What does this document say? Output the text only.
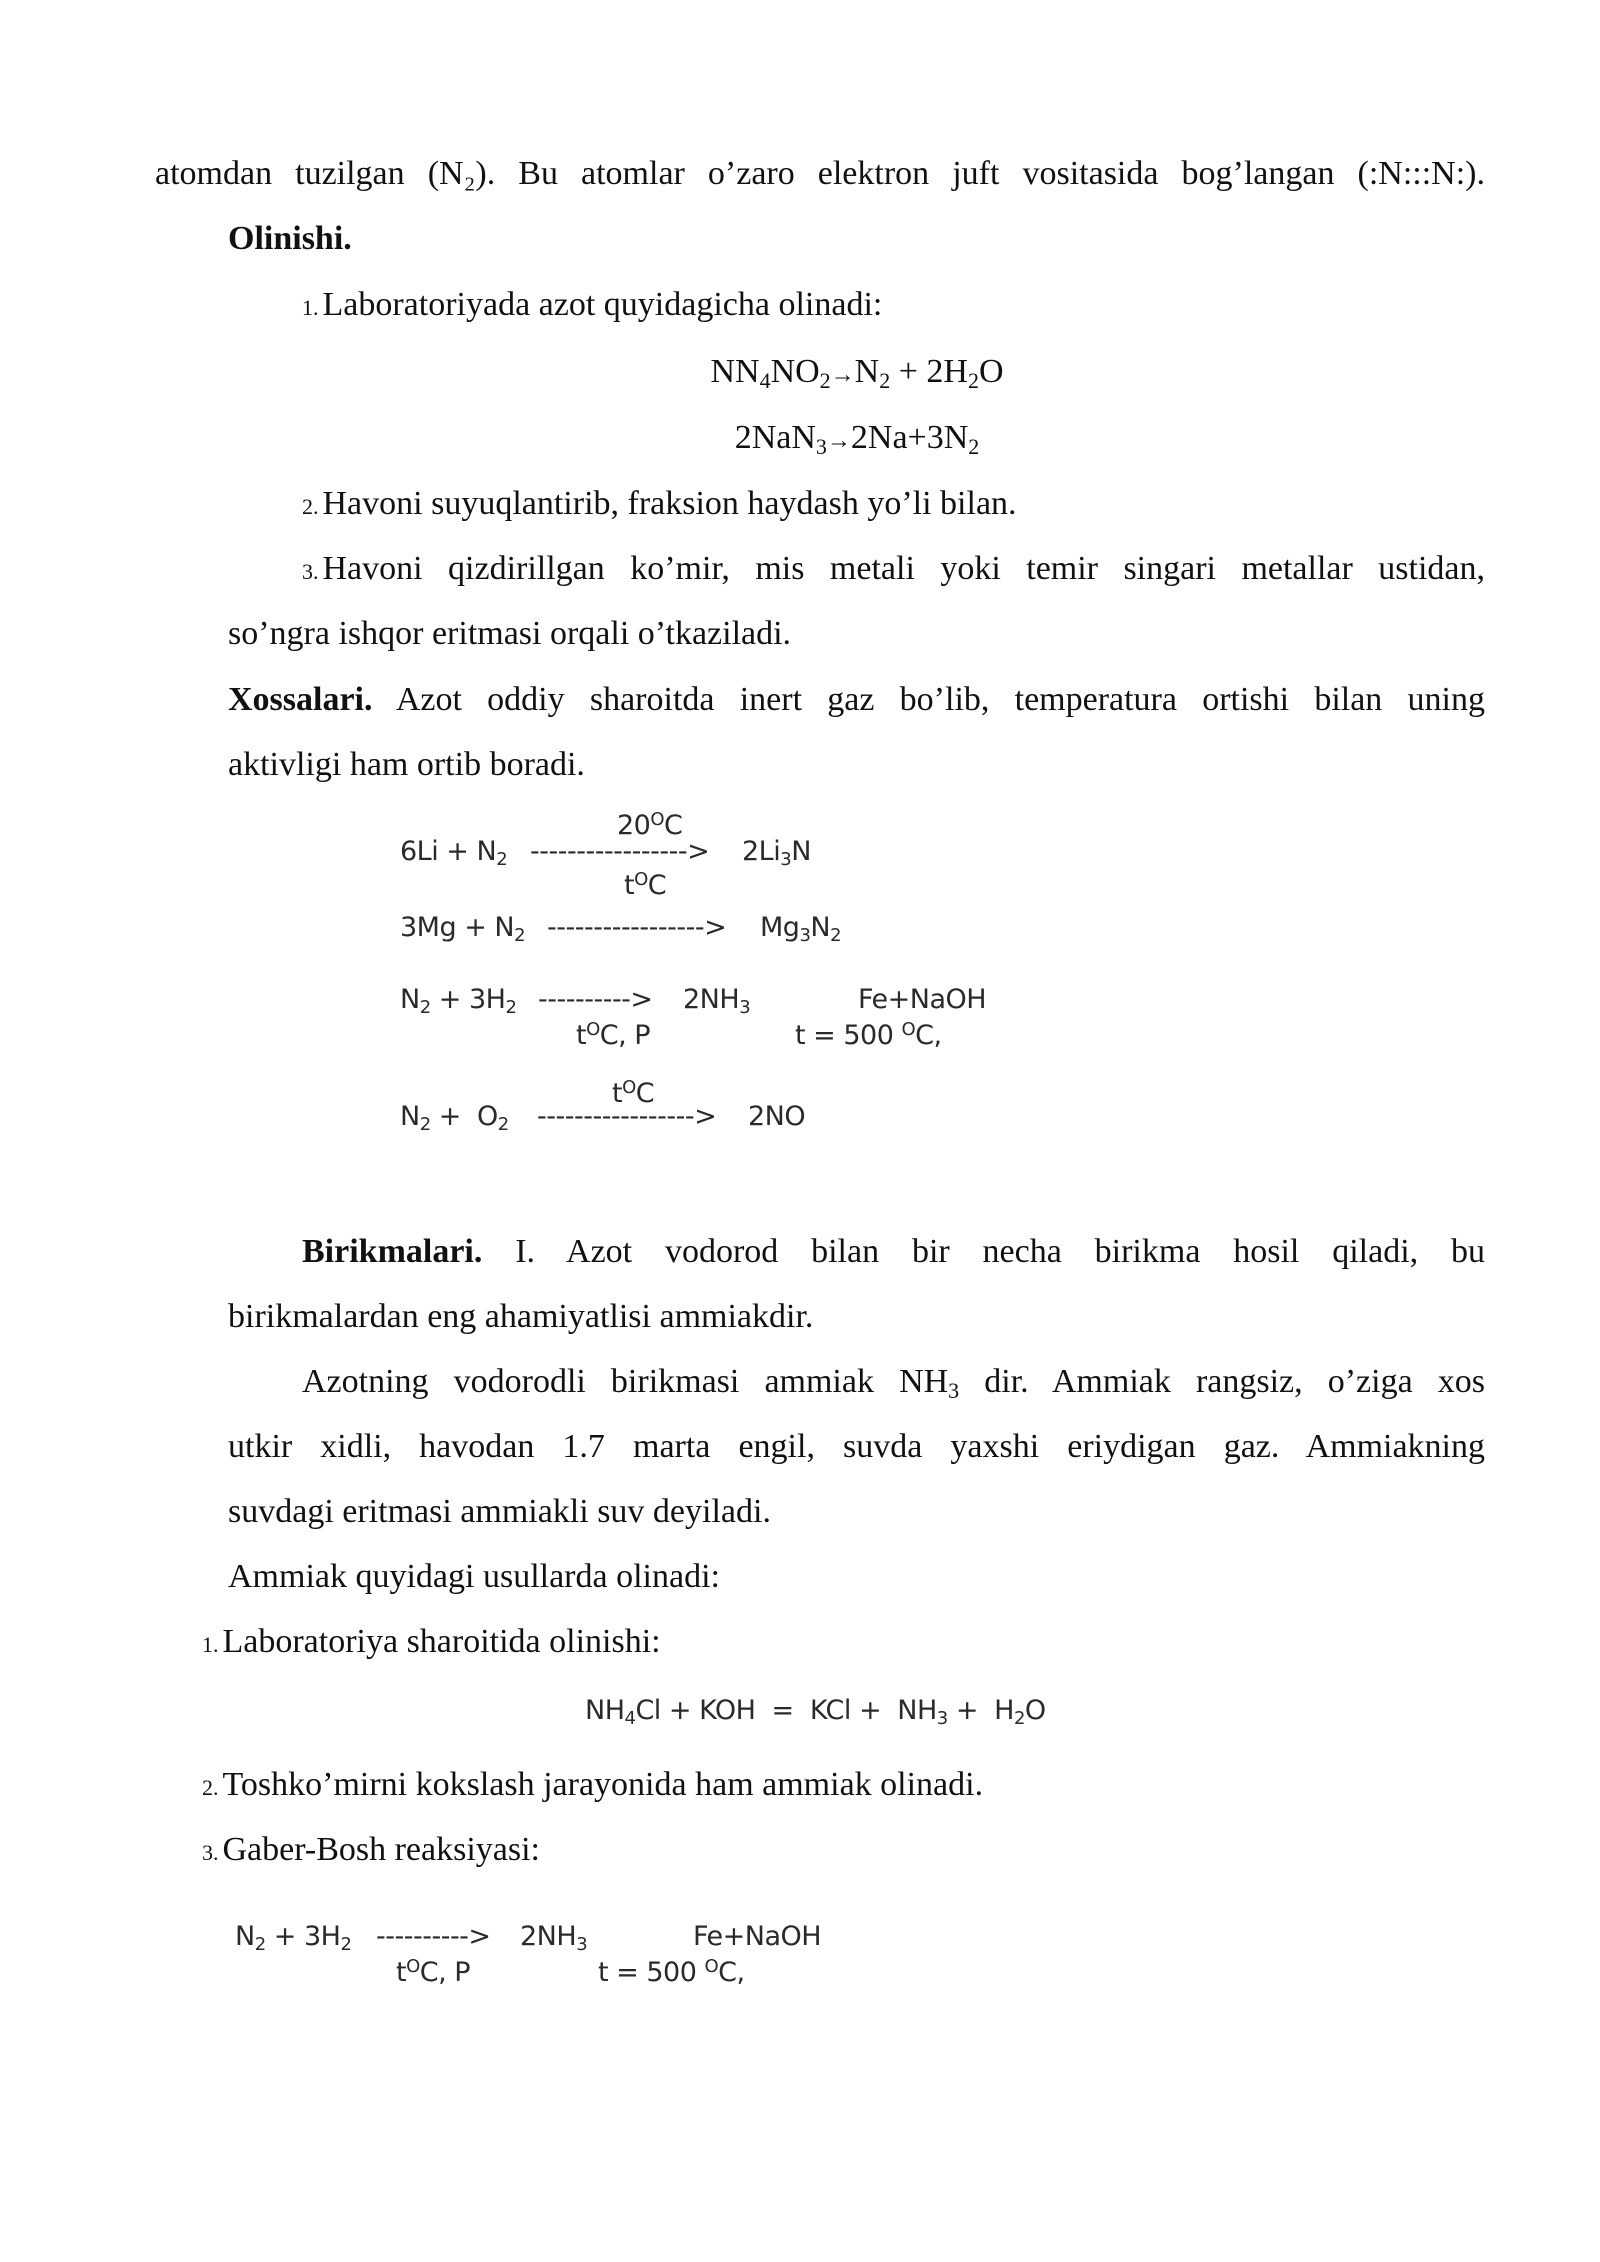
atomdan tuzilgan (N₂). Bu atomlar o’zaro elektron juft vositasida bog’langan (:N:::N:).
Olinishi.
1. Laboratoriyada azot quyidagicha olinadi:
$NN_4NO_2\to N_2 + 2H_2O$
$2NaN_3\to 2Na+3N_2$
2. Havoni suyuqlantirib, fraksion haydash yo’li bilan.
3. Havoni qizdirillgan ko’mir, mis metali yoki temir singari metallar ustidan,
so’ngra ishqor eritmasi orqali o’tkaziladi.
Xossalari. Azot oddiy sharoitda inert gaz bo’lib, temperatura ortishi bilan uning
aktivligi ham ortib boradi.
$20^OC$
$6Li + N_2$ -----------------> $2Li_3N$
$t^OC$
$3Mg + N_2$ -----------------> $Mg_3N_2$
$N_2 + 3H_2$ ----------> $2NH_3$	Fe+NaOH
$t^OC$, P	t = 500 $^O$C,
$t^OC$
$N_2 + O_2$ -----------------> 2NO
Birikmalari. I. Azot vodorod bilan bir necha birikma hosil qiladi, bu
birikmalardan eng ahamiyatlisi ammiakdir.
Azotning vodorodli birikmasi ammiak $NH_3$ dir. Ammiak rangsiz, o’ziga xos
utkir xidli, havodan 1.7 marta engil, suvda yaxshi eriydigan gaz. Ammiakning
suvdagi eritmasi ammiakli suv deyiladi.
Ammiak quyidagi usullarda olinadi:
1. Laboratoriya sharoitida olinishi:
$NH_4Cl$ + KOH  =  KCl +  $NH_3 + H_2O$
2. Toshko’mirni kokslash jarayonida ham ammiak olinadi.
3. Gaber-Bosh reaksiyasi:
$N_2 + 3H_2$ ----------> $2NH_3$	Fe+NaOH
$t^OC$, P	t = 500 $^O$C,
